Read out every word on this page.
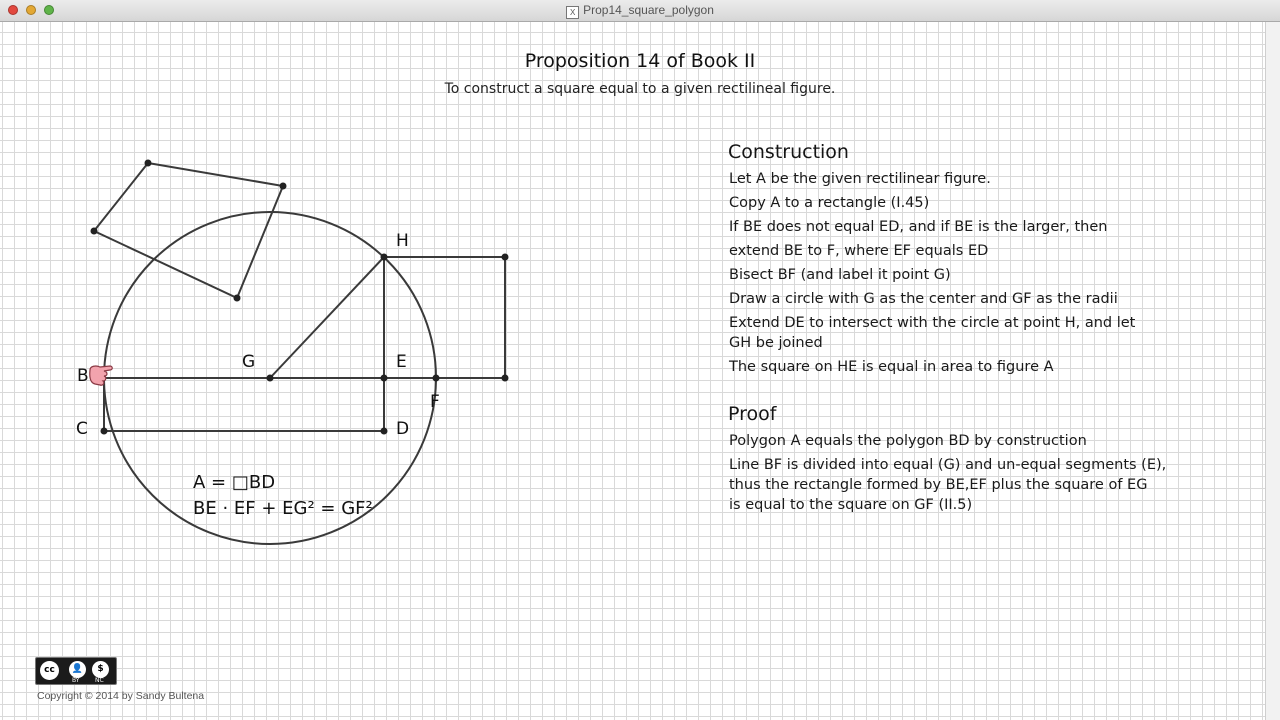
X Prop14_square_polygon
Proposition 14 of Book II
To construct a square equal to a given rectilineal figure.
B
C	D
E
F
G
H
A = □BD
BE · EF + EG² = GF²
Construction
Let A be the given rectilinear figure.
Copy A to a rectangle (I.45)
If BE does not equal ED, and if BE is the larger, then
extend BE to F, where EF equals ED
Bisect BF (and label it point G)
Draw a circle with G as the center and GF as the radii
Extend DE to intersect with the circle at point H, and let
GH be joined
The square on HE is equal in area to figure A
Proof
Polygon A equals the polygon BD by construction
Line BF is divided into equal (G) and un-equal segments (E),
thus the rectangle formed by BE,EF plus the square of EG
is equal to the square on GF (II.5)
cc	👤	$
BY	NC
Copyright © 2014 by Sandy Bultena
